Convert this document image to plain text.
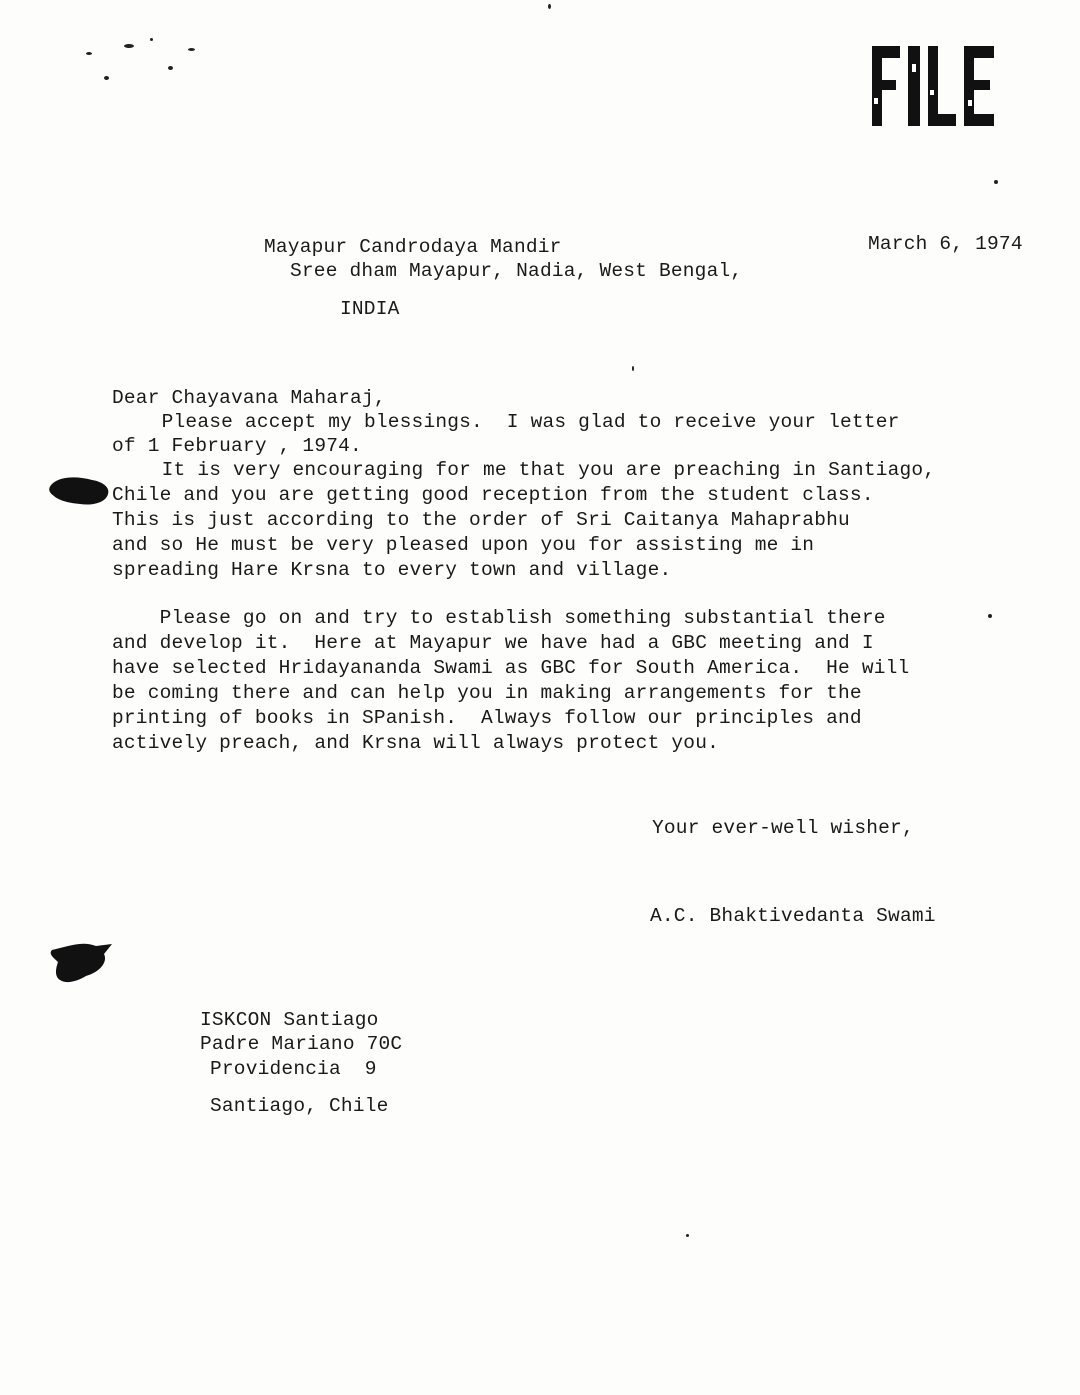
Mayapur Candrodaya Mandir
Sree dham Mayapur, Nadia, West Bengal,
INDIA
March 6, 1974
Dear Chayavana Maharaj,
Please accept my blessings.  I was glad to receive your letter
of 1 February , 1974.
It is very encouraging for me that you are preaching in Santiago,
Chile and you are getting good reception from the student class.
This is just according to the order of Sri Caitanya Mahaprabhu
and so He must be very pleased upon you for assisting me in
spreading Hare Krsna to every town and village.
Please go on and try to establish something substantial there
and develop it.  Here at Mayapur we have had a GBC meeting and I
have selected Hridayananda Swami as GBC for South America.  He will
be coming there and can help you in making arrangements for the
printing of books in SPanish.  Always follow our principles and
actively preach, and Krsna will always protect you.
Your ever-well wisher,
A.C. Bhaktivedanta Swami
ISKCON Santiago
Padre Mariano 70C
Providencia  9
Santiago, Chile
